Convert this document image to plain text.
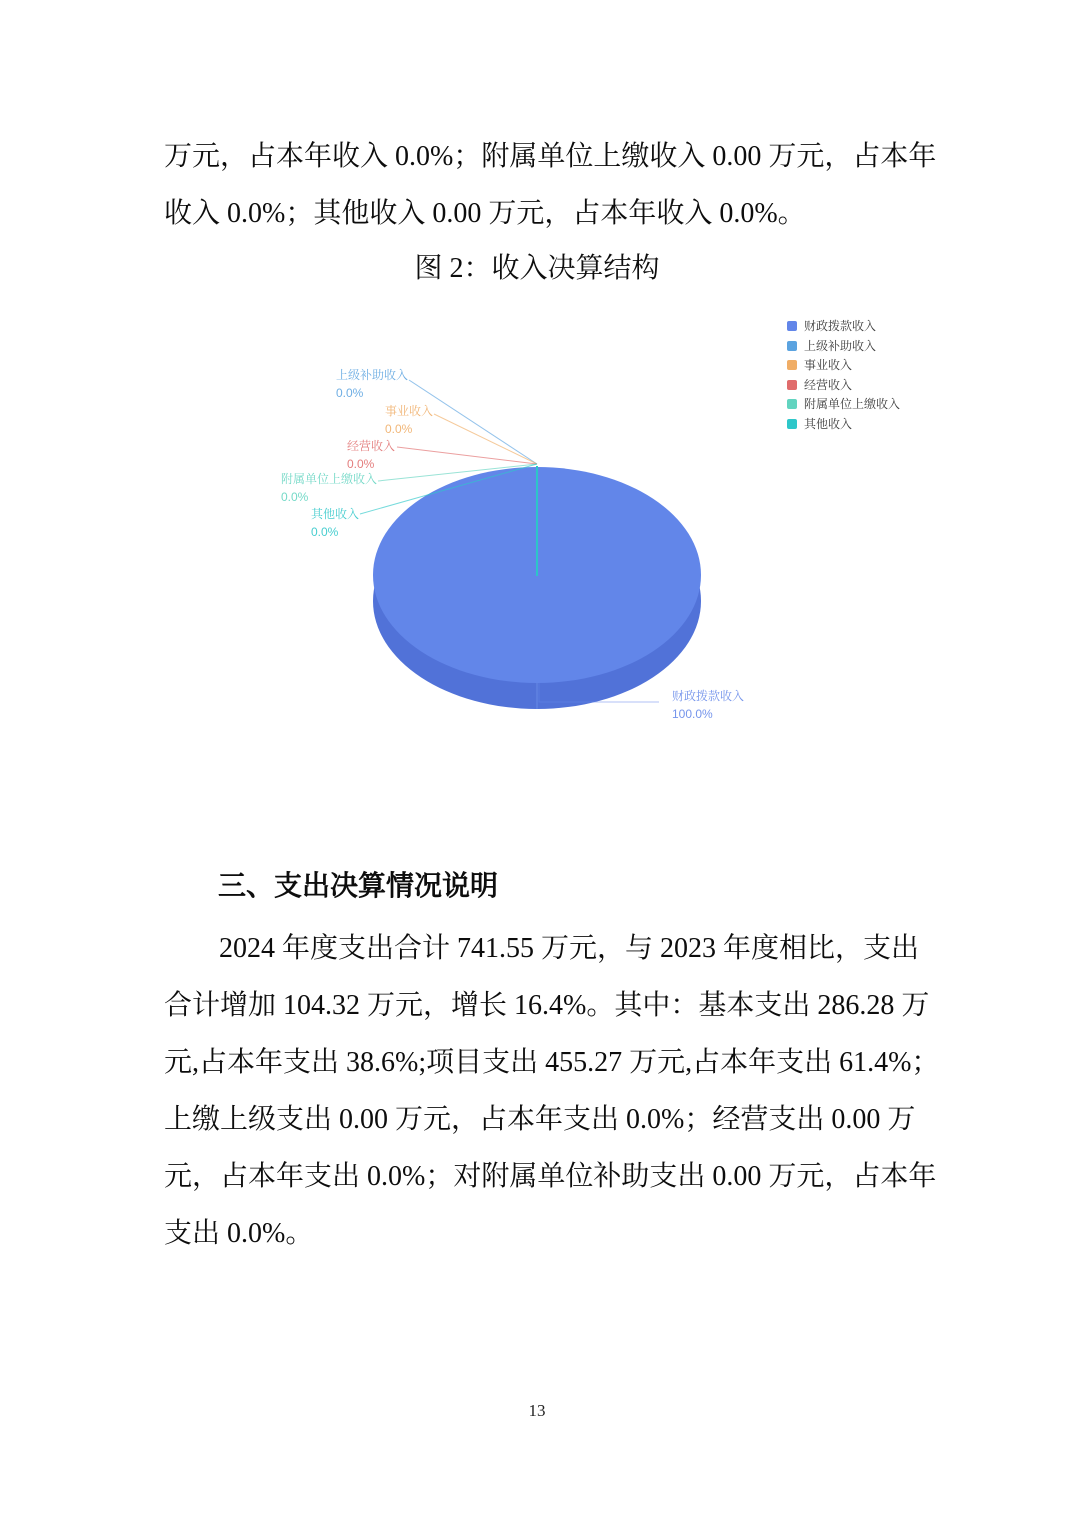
万元，占本年收入 0.0%；附属单位上缴收入 0.00 万元，占本年
收入 0.0%；其他收入 0.00 万元，占本年收入 0.0%。
图 2：收入决算结构
上级补助收入
0.0%
事业收入
0.0%
经营收入
0.0%
附属单位上缴收入
0.0%
其他收入
0.0%
财政拨款收入
100.0%
财政拨款收入
上级补助收入
事业收入
经营收入
附属单位上缴收入
其他收入
三、支出决算情况说明
2024 年度支出合计 741.55 万元，与 2023 年度相比，支出
合计增加 104.32 万元，增长 16.4%。其中：基本支出 286.28 万
元,占本年支出 38.6%;项目支出 455.27 万元,占本年支出 61.4%；
上缴上级支出 0.00 万元，占本年支出 0.0%；经营支出 0.00 万
元，占本年支出 0.0%；对附属单位补助支出 0.00 万元，占本年
支出 0.0%。
13
